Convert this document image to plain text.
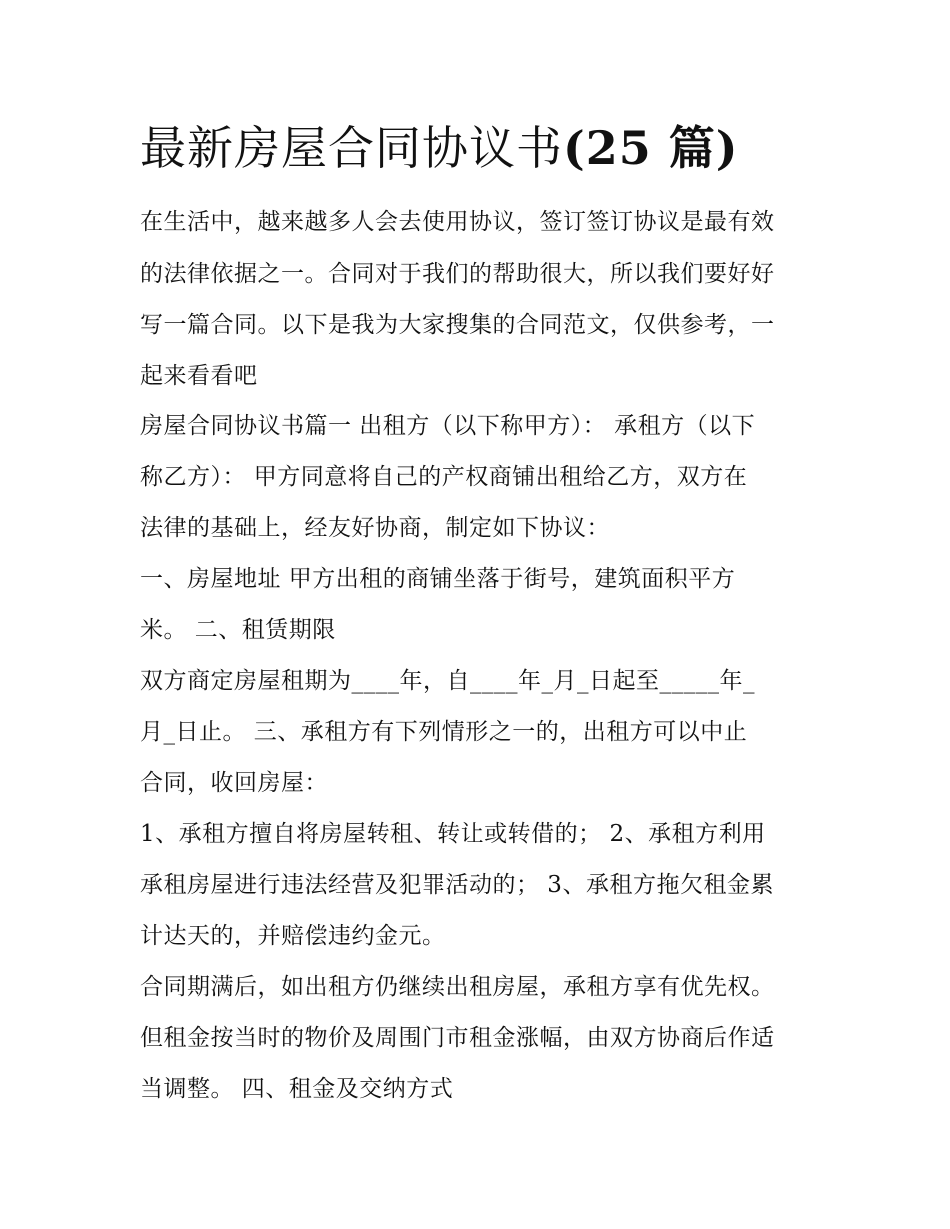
最新房屋合同协议书(25 篇)

在生活中，越来越多人会去使用协议，签订签订协议是最有效

的法律依据之一。合同对于我们的帮助很大，所以我们要好好

写一篇合同。以下是我为大家搜集的合同范文，仅供参考，一

起来看看吧

房屋合同协议书篇一 出租方（以下称甲方）： 承租方（以下

称乙方）： 甲方同意将自己的产权商铺出租给乙方，双方在

法律的基础上，经友好协商，制定如下协议：

一、房屋地址 甲方出租的商铺坐落于街号，建筑面积平方

米。 二、租赁期限

双方商定房屋租期为____年，自____年_月_日起至_____年_

月_日止。 三、承租方有下列情形之一的，出租方可以中止

合同，收回房屋：

1、承租方擅自将房屋转租、转让或转借的； 2、承租方利用

承租房屋进行违法经营及犯罪活动的； 3、承租方拖欠租金累

计达天的，并赔偿违约金元。

合同期满后，如出租方仍继续出租房屋，承租方享有优先权。

但租金按当时的物价及周围门市租金涨幅，由双方协商后作适

当调整。 四、租金及交纳方式
